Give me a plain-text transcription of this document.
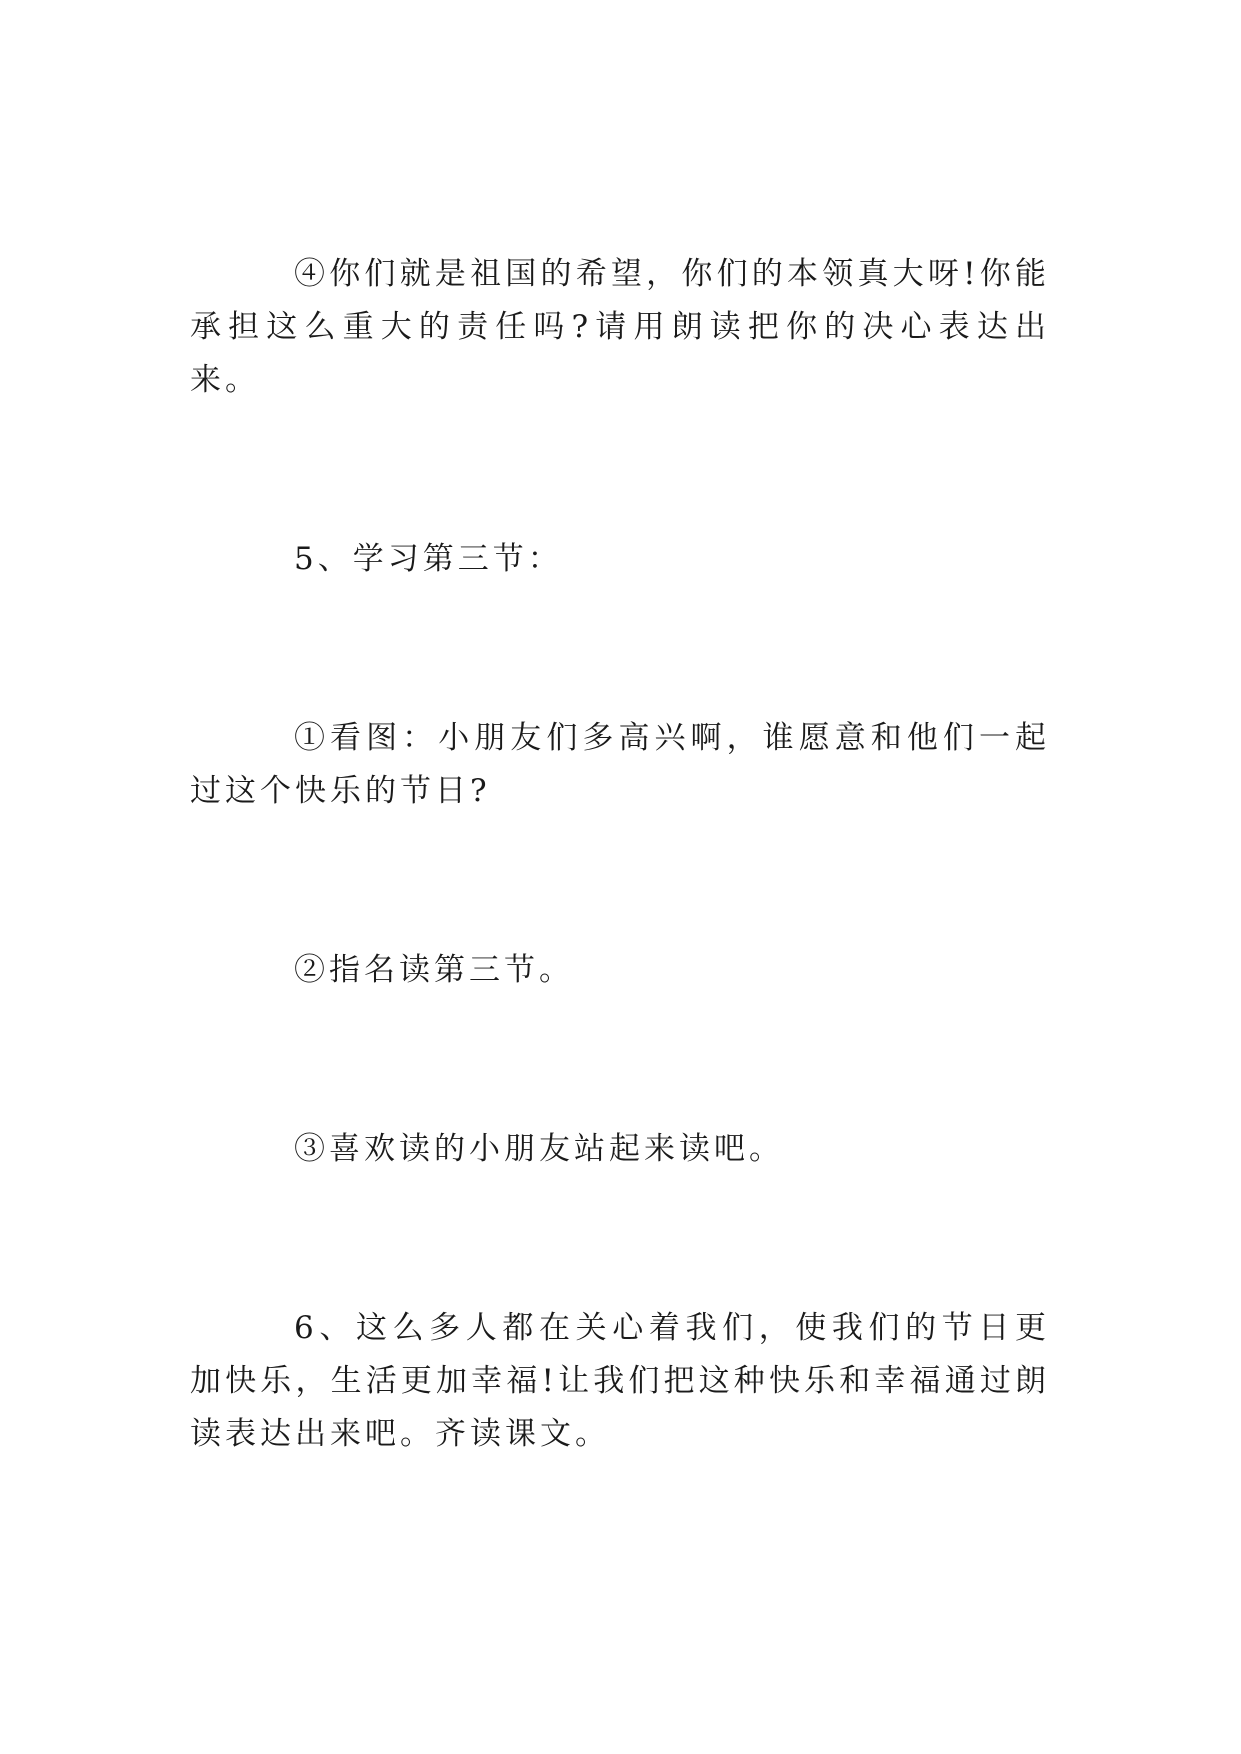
④你们就是祖国的希望，你们的本领真大呀!你能承担这么重大的责任吗?请用朗读把你的决心表达出来。

5、学习第三节：

①看图：小朋友们多高兴啊，谁愿意和他们一起过这个快乐的节日?

②指名读第三节。

③喜欢读的小朋友站起来读吧。

6、这么多人都在关心着我们，使我们的节日更加快乐，生活更加幸福!让我们把这种快乐和幸福通过朗读表达出来吧。齐读课文。
